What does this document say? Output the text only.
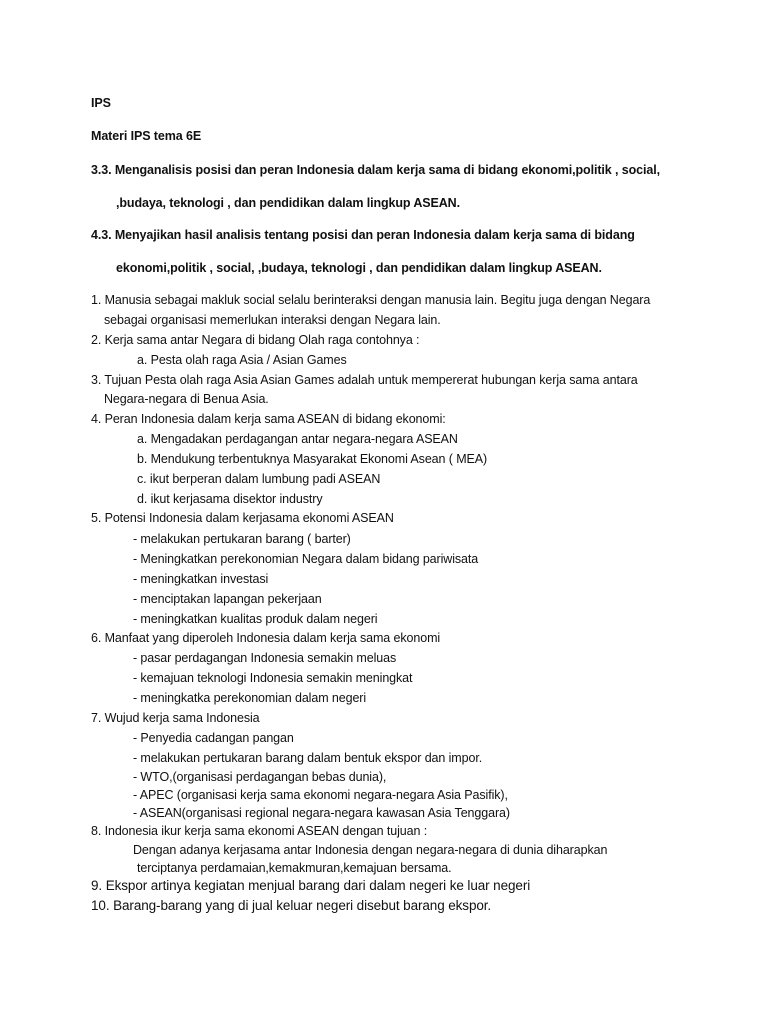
IPS
Materi IPS tema 6E
3.3. Menganalisis posisi dan peran Indonesia dalam kerja sama di bidang ekonomi,politik , social,
,budaya, teknologi , dan pendidikan dalam lingkup ASEAN.
4.3. Menyajikan hasil analisis tentang posisi dan peran Indonesia dalam kerja sama di bidang
ekonomi,politik , social, ,budaya, teknologi , dan pendidikan dalam lingkup ASEAN.
1. Manusia sebagai makluk social selalu berinteraksi dengan manusia lain. Begitu juga dengan Negara
sebagai organisasi memerlukan interaksi dengan Negara lain.
2. Kerja sama antar Negara di bidang Olah raga contohnya :
a. Pesta olah raga Asia / Asian Games
3. Tujuan Pesta olah raga Asia Asian Games adalah untuk mempererat hubungan kerja sama antara
Negara-negara di Benua Asia.
4. Peran Indonesia dalam kerja sama ASEAN di bidang ekonomi:
a. Mengadakan perdagangan antar negara-negara ASEAN
b. Mendukung terbentuknya Masyarakat Ekonomi Asean ( MEA)
c. ikut berperan dalam lumbung padi ASEAN
d. ikut kerjasama disektor industry
5. Potensi Indonesia dalam kerjasama ekonomi ASEAN
- melakukan pertukaran barang ( barter)
- Meningkatkan perekonomian Negara dalam bidang pariwisata
- meningkatkan investasi
- menciptakan lapangan pekerjaan
- meningkatkan kualitas produk dalam negeri
6. Manfaat yang diperoleh Indonesia dalam kerja sama ekonomi
- pasar perdagangan Indonesia semakin meluas
- kemajuan teknologi Indonesia semakin meningkat
- meningkatka perekonomian dalam negeri
7. Wujud kerja sama Indonesia
- Penyedia cadangan pangan
- melakukan pertukaran barang dalam bentuk ekspor dan impor.
- WTO,(organisasi perdagangan bebas dunia),
- APEC (organisasi kerja sama ekonomi negara-negara Asia Pasifik),
- ASEAN(organisasi regional negara-negara kawasan Asia Tenggara)
8. Indonesia ikur kerja sama ekonomi ASEAN dengan tujuan :
Dengan adanya kerjasama antar Indonesia dengan negara-negara di dunia diharapkan
terciptanya perdamaian,kemakmuran,kemajuan bersama.
9. Ekspor artinya kegiatan menjual barang dari dalam negeri ke luar negeri
10. Barang-barang yang di jual keluar negeri disebut barang ekspor.
